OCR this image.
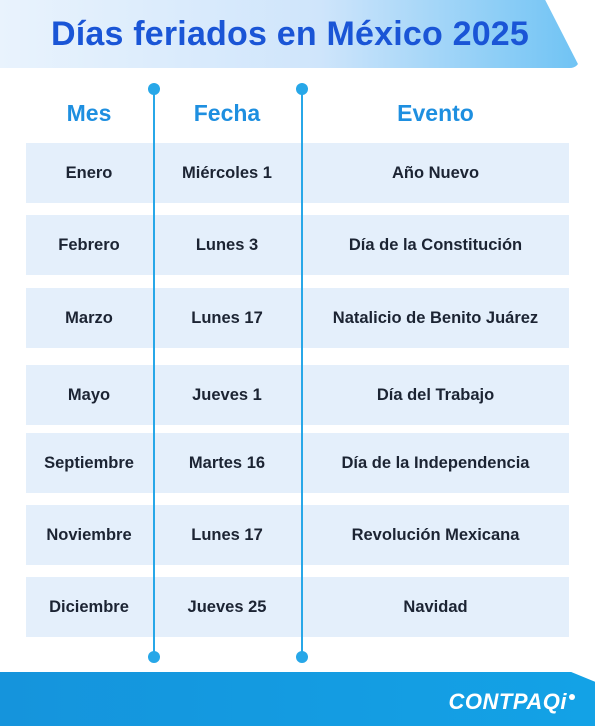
Días feriados en México 2025
Mes	Fecha	Evento
Enero	Miércoles 1	Año Nuevo
Febrero	Lunes 3	Día de la Constitución
Marzo	Lunes 17	Natalicio de Benito Juárez
Mayo	Jueves 1	Día del Trabajo
Septiembre	Martes 16	Día de la Independencia
Noviembre	Lunes 17	Revolución Mexicana
Diciembre	Jueves 25	Navidad
CONTPAQ i
